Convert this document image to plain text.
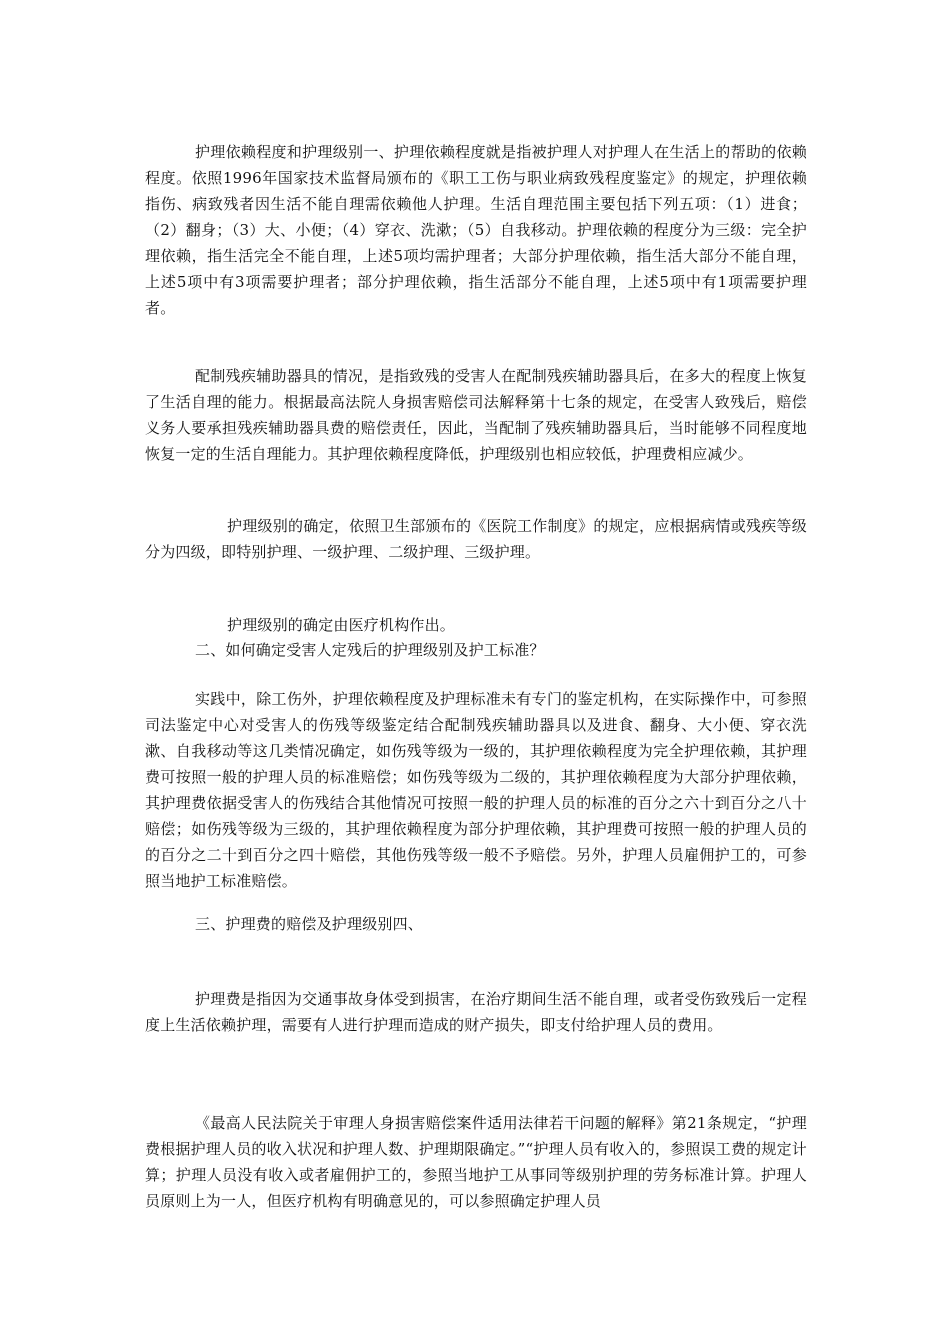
护理依赖程度和护理级别一、护理依赖程度就是指被护理人对护理人在生活上的帮助的依赖程度。依照1996年国家技术监督局颁布的《职工工伤与职业病致残程度鉴定》的规定，护理依赖指伤、病致残者因生活不能自理需依赖他人护理。生活自理范围主要包括下列五项：（1）进食；（2）翻身；（3）大、小便；（4）穿衣、洗漱；（5）自我移动。护理依赖的程度分为三级：完全护理依赖，指生活完全不能自理，上述5项均需护理者；大部分护理依赖，指生活大部分不能自理，上述5项中有3项需要护理者；部分护理依赖，指生活部分不能自理，上述5项中有1项需要护理者。

配制残疾辅助器具的情况，是指致残的受害人在配制残疾辅助器具后，在多大的程度上恢复了生活自理的能力。根据最高法院人身损害赔偿司法解释第十七条的规定，在受害人致残后，赔偿义务人要承担残疾辅助器具费的赔偿责任，因此，当配制了残疾辅助器具后，当时能够不同程度地恢复一定的生活自理能力。其护理依赖程度降低，护理级别也相应较低，护理费相应减少。

护理级别的确定，依照卫生部颁布的《医院工作制度》的规定，应根据病情或残疾等级分为四级，即特别护理、一级护理、二级护理、三级护理。

护理级别的确定由医疗机构作出。

二、如何确定受害人定残后的护理级别及护工标准？

实践中，除工伤外，护理依赖程度及护理标准未有专门的鉴定机构，在实际操作中，可参照司法鉴定中心对受害人的伤残等级鉴定结合配制残疾辅助器具以及进食、翻身、大小便、穿衣洗漱、自我移动等这几类情况确定，如伤残等级为一级的，其护理依赖程度为完全护理依赖，其护理费可按照一般的护理人员的标准赔偿；如伤残等级为二级的，其护理依赖程度为大部分护理依赖，其护理费依据受害人的伤残结合其他情况可按照一般的护理人员的标准的百分之六十到百分之八十赔偿；如伤残等级为三级的，其护理依赖程度为部分护理依赖，其护理费可按照一般的护理人员的的百分之二十到百分之四十赔偿，其他伤残等级一般不予赔偿。另外，护理人员雇佣护工的，可参照当地护工标准赔偿。

三、护理费的赔偿及护理级别四、

护理费是指因为交通事故身体受到损害，在治疗期间生活不能自理，或者受伤致残后一定程度上生活依赖护理，需要有人进行护理而造成的财产损失，即支付给护理人员的费用。

《最高人民法院关于审理人身损害赔偿案件适用法律若干问题的解释》第21条规定，“护理费根据护理人员的收入状况和护理人数、护理期限确定。”“护理人员有收入的，参照误工费的规定计算；护理人员没有收入或者雇佣护工的，参照当地护工从事同等级别护理的劳务标准计算。护理人员原则上为一人，但医疗机构有明确意见的，可以参照确定护理人员
